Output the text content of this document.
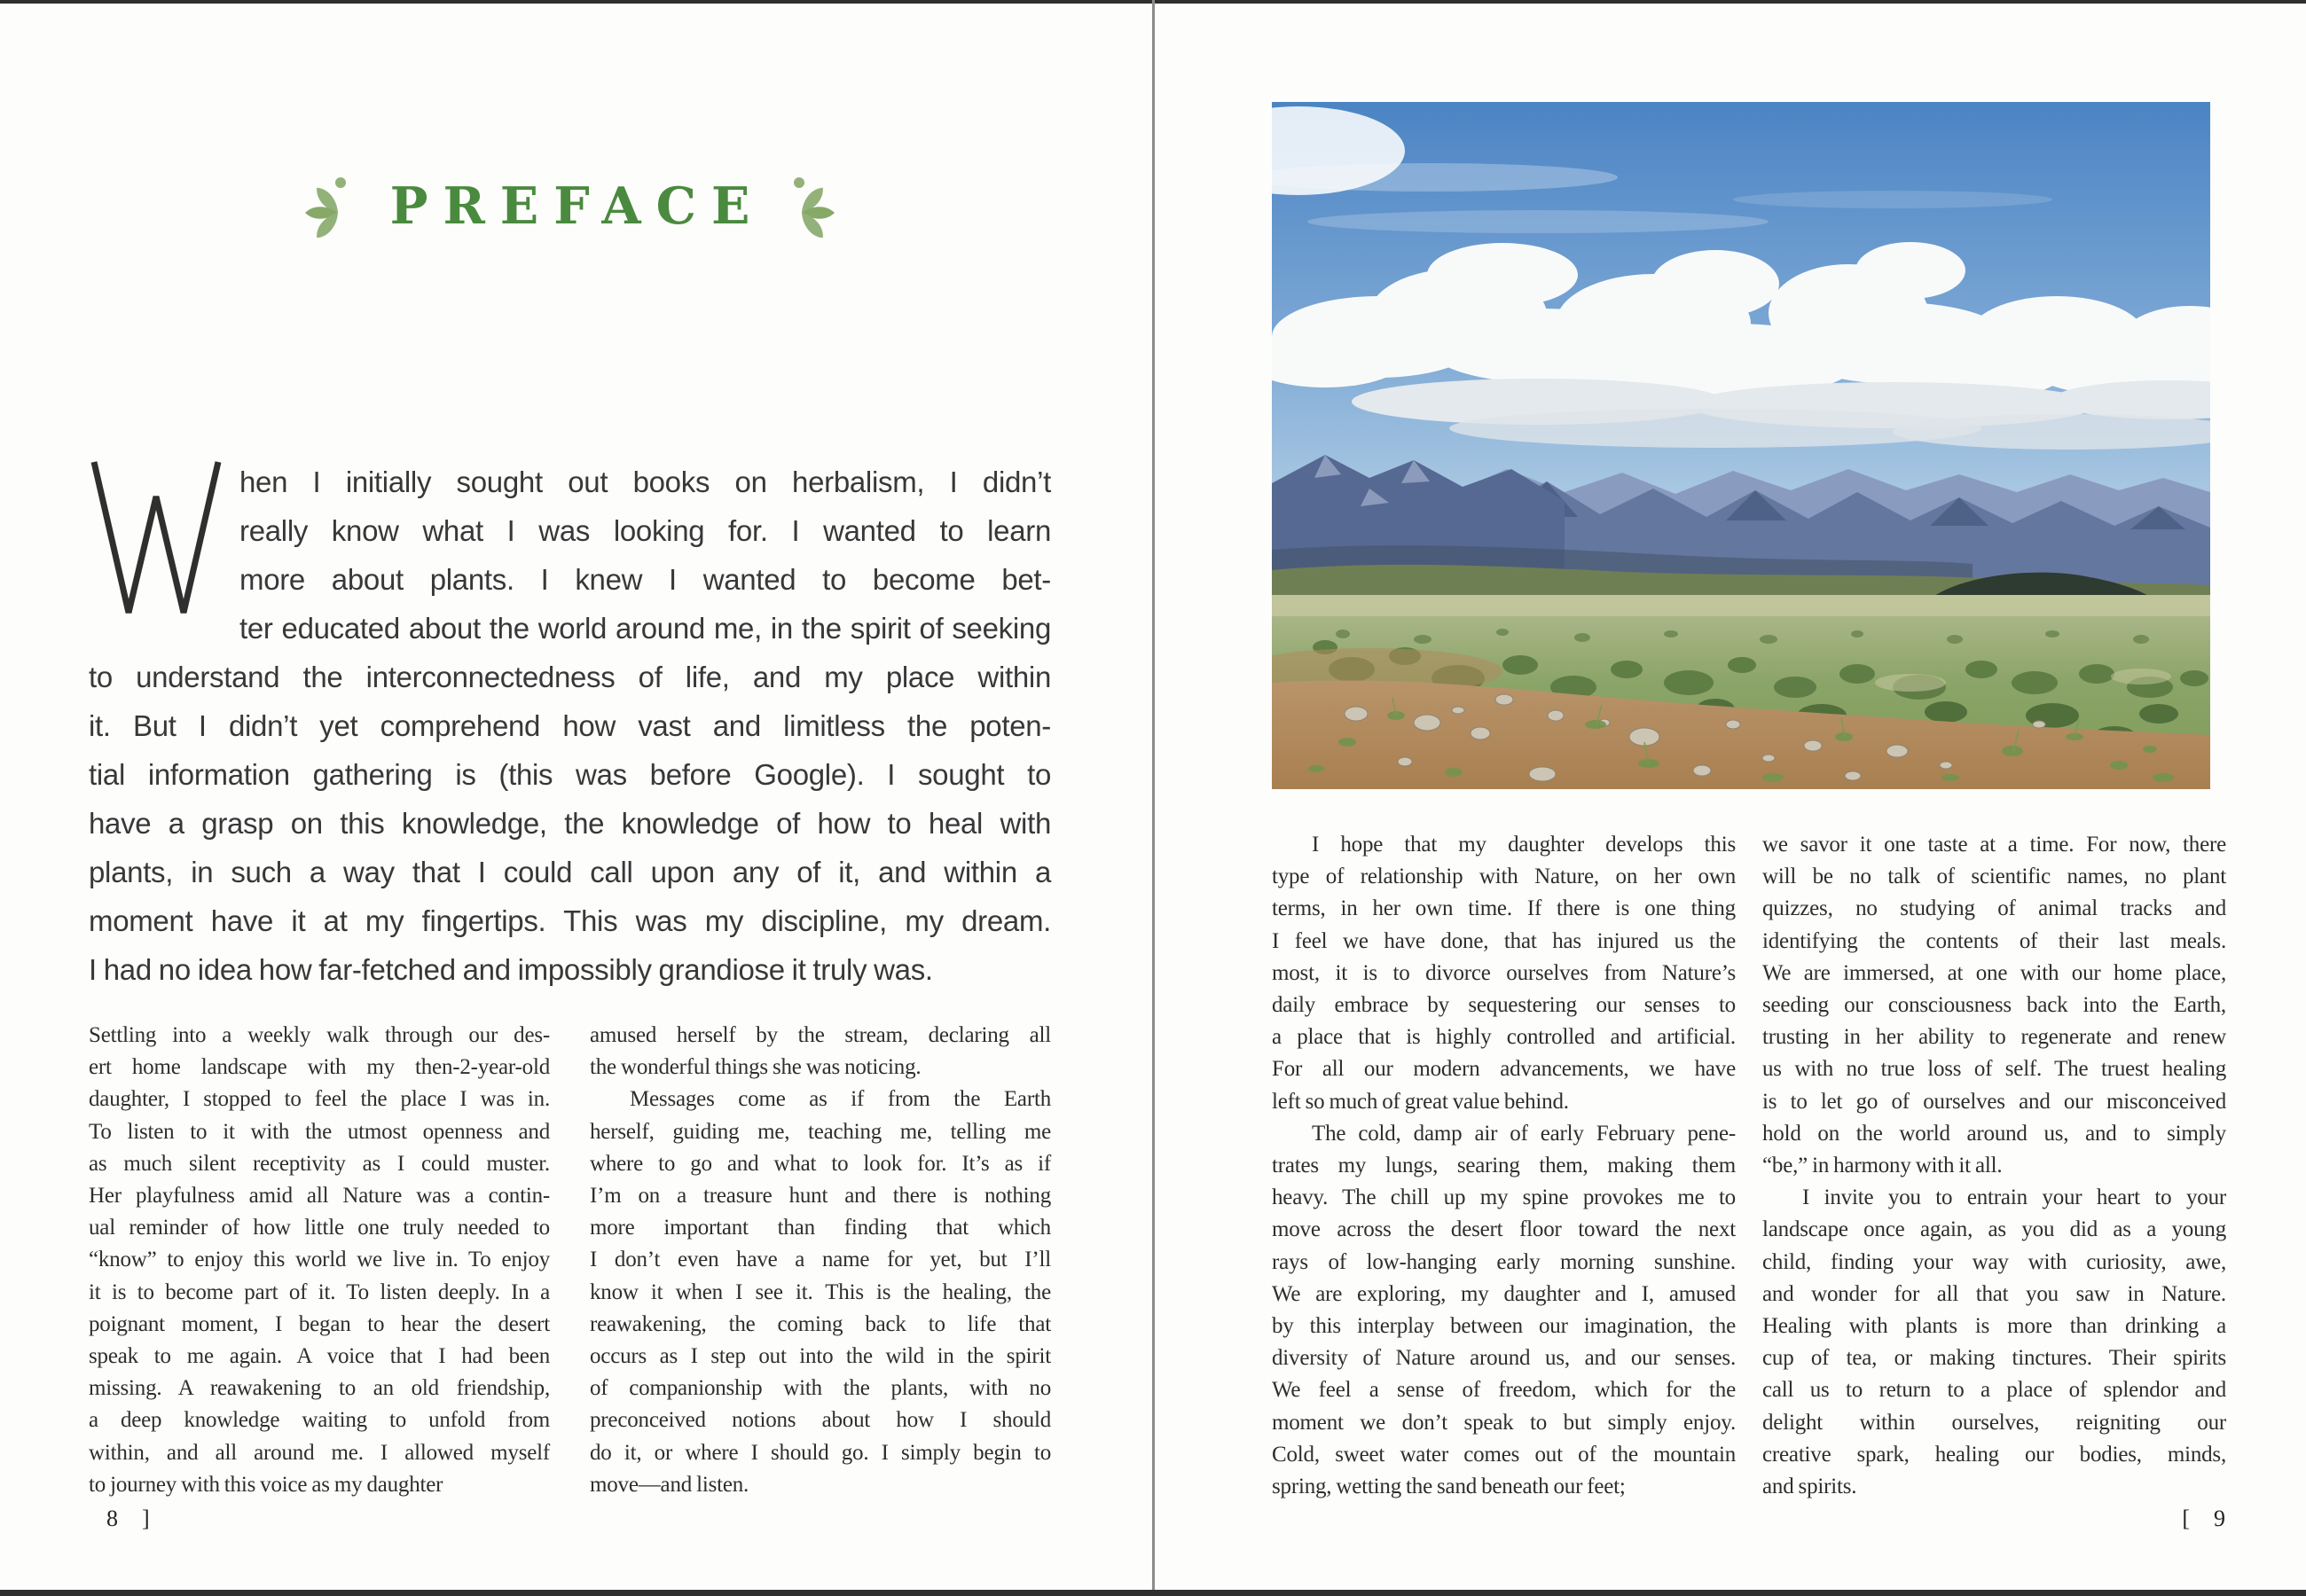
PREFACE
hen I initially sought out books on herbalism, I didn’t
really know what I was looking for. I wanted to learn
more about plants. I knew I wanted to become bet-
ter educated about the world around me, in the spirit of seeking
to understand the interconnectedness of life, and my place within
it. But I didn’t yet comprehend how vast and limitless the poten-
tial information gathering is (this was before Google). I sought to
have a grasp on this knowledge, the knowledge of how to heal with
plants, in such a way that I could call upon any of it, and within a
moment have it at my fingertips. This was my discipline, my dream.
I had no idea how far-fetched and impossibly grandiose it truly was.
Settling into a weekly walk through our des-
ert home landscape with my then-2-year-old
daughter, I stopped to feel the place I was in.
To listen to it with the utmost openness and
as much silent receptivity as I could muster.
Her playfulness amid all Nature was a contin-
ual reminder of how little one truly needed to
“know” to enjoy this world we live in. To enjoy
it is to become part of it. To listen deeply. In a
poignant moment, I began to hear the desert
speak to me again. A voice that I had been
missing. A reawakening to an old friendship,
a deep knowledge waiting to unfold from
within, and all around me. I allowed myself
to journey with this voice as my daughter
amused herself by the stream, declaring all
the wonderful things she was noticing.
Messages come as if from the Earth
herself, guiding me, teaching me, telling me
where to go and what to look for. It’s as if
I’m on a treasure hunt and there is nothing
more important than finding that which
I don’t even have a name for yet, but I’ll
know it when I see it. This is the healing, the
reawakening, the coming back to life that
occurs as I step out into the wild in the spirit
of companionship with the plants, with no
preconceived notions about how I should
do it, or where I should go. I simply begin to
move—and listen.
8 ]
I hope that my daughter develops this
type of relationship with Nature, on her own
terms, in her own time. If there is one thing
I feel we have done, that has injured us the
most, it is to divorce ourselves from Nature’s
daily embrace by sequestering our senses to
a place that is highly controlled and artificial.
For all our modern advancements, we have
left so much of great value behind.
The cold, damp air of early February pene-
trates my lungs, searing them, making them
heavy. The chill up my spine provokes me to
move across the desert floor toward the next
rays of low-hanging early morning sunshine.
We are exploring, my daughter and I, amused
by this interplay between our imagination, the
diversity of Nature around us, and our senses.
We feel a sense of freedom, which for the
moment we don’t speak to but simply enjoy.
Cold, sweet water comes out of the mountain
spring, wetting the sand beneath our feet;
we savor it one taste at a time. For now, there
will be no talk of scientific names, no plant
quizzes, no studying of animal tracks and
identifying the contents of their last meals.
We are immersed, at one with our home place,
seeding our consciousness back into the Earth,
trusting in her ability to regenerate and renew
us with no true loss of self. The truest healing
is to let go of ourselves and our misconceived
hold on the world around us, and to simply
“be,” in harmony with it all.
I invite you to entrain your heart to your
landscape once again, as you did as a young
child, finding your way with curiosity, awe,
and wonder for all that you saw in Nature.
Healing with plants is more than drinking a
cup of tea, or making tinctures. Their spirits
call us to return to a place of splendor and
delight within ourselves, reigniting our
creative spark, healing our bodies, minds,
and spirits.
[ 9
